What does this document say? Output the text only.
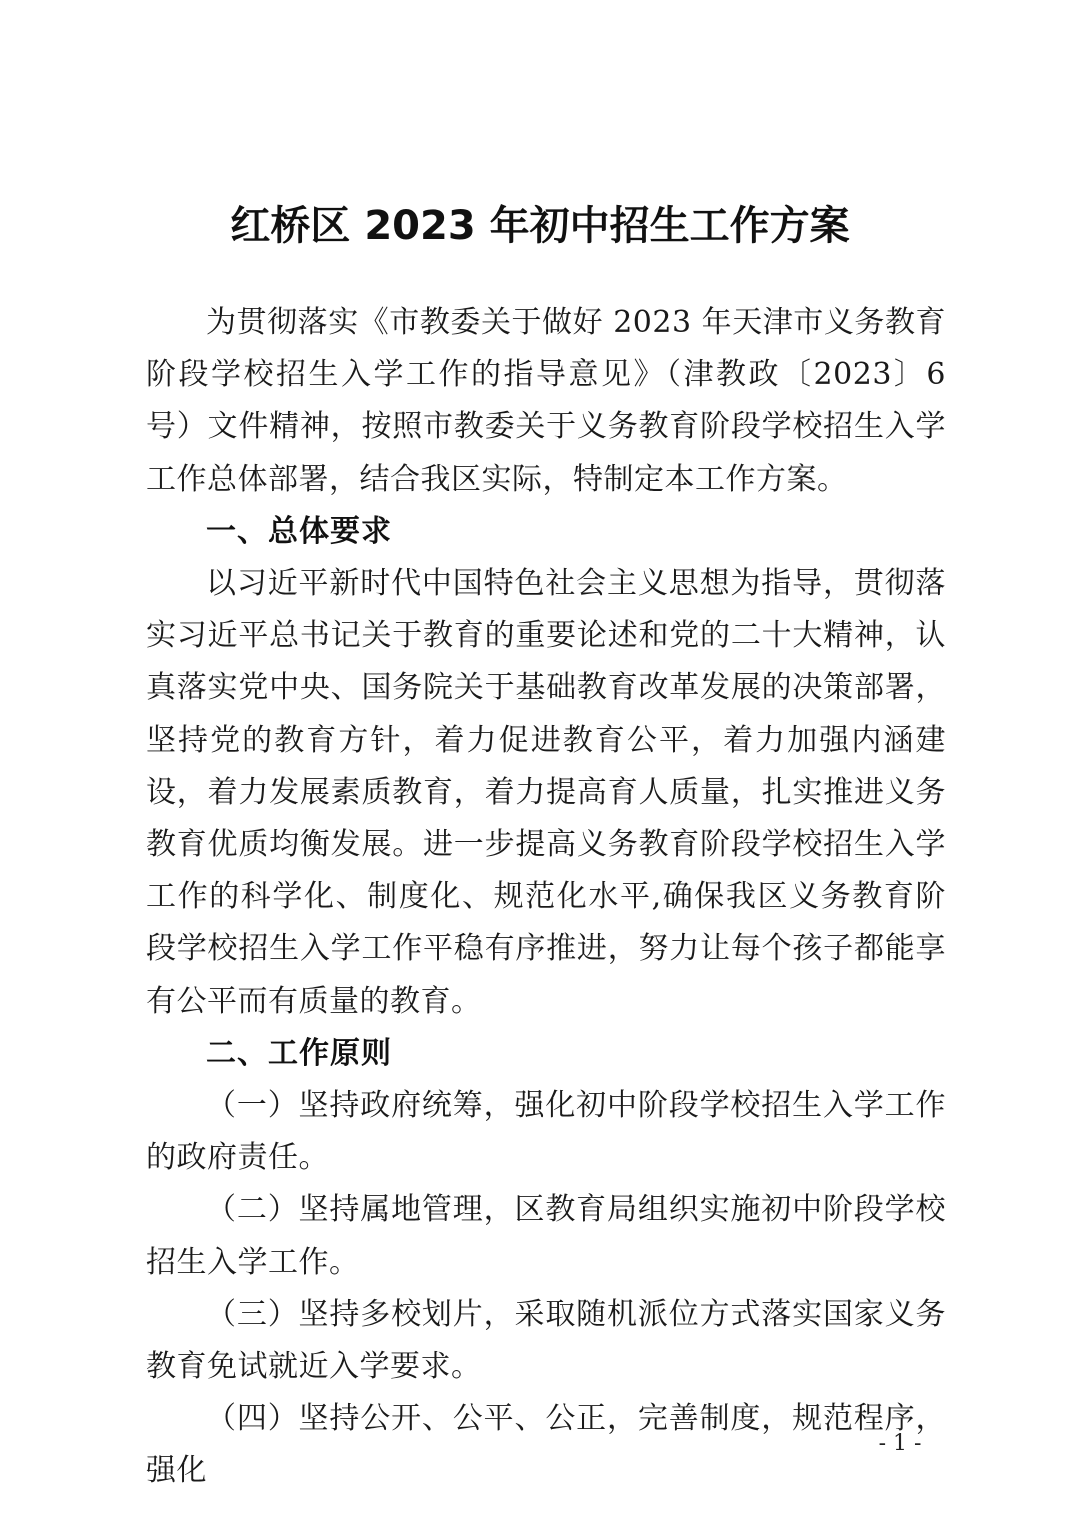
红桥区 2023 年初中招生工作方案

为贯彻落实《市教委关于做好 2023 年天津市义务教育阶段学校招生入学工作的指导意见》（津教政〔2023〕6 号）文件精神，按照市教委关于义务教育阶段学校招生入学工作总体部署，结合我区实际，特制定本工作方案。

一、总体要求

以习近平新时代中国特色社会主义思想为指导，贯彻落实习近平总书记关于教育的重要论述和党的二十大精神，认真落实党中央、国务院关于基础教育改革发展的决策部署，坚持党的教育方针，着力促进教育公平，着力加强内涵建设，着力发展素质教育，着力提高育人质量，扎实推进义务教育优质均衡发展。进一步提高义务教育阶段学校招生入学工作的科学化、制度化、规范化水平,确保我区义务教育阶段学校招生入学工作平稳有序推进，努力让每个孩子都能享有公平而有质量的教育。

二、工作原则

（一）坚持政府统筹，强化初中阶段学校招生入学工作的政府责任。

（二）坚持属地管理，区教育局组织实施初中阶段学校招生入学工作。

（三）坚持多校划片，采取随机派位方式落实国家义务教育免试就近入学要求。

（四）坚持公开、公平、公正，完善制度，规范程序，强化

- 1 -
